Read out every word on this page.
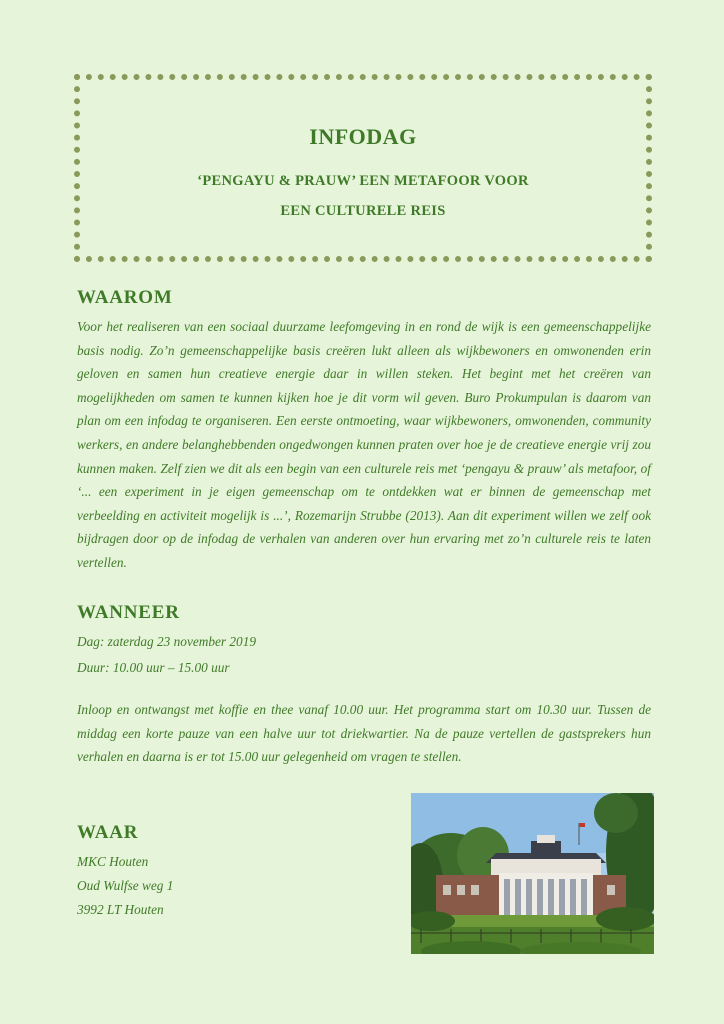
INFODAG
‘PENGAYU & PRAUW’ EEN METAFOOR VOOR
EEN CULTURELE REIS
WAAROM

Voor het realiseren van een sociaal duurzame leefomgeving in en rond de wijk is een gemeenschappelijke basis nodig. Zo’n gemeenschappelijke basis creëren lukt alleen als wijkbewoners en omwonenden erin geloven en samen hun creatieve energie daar in willen steken. Het begint met het creëren van mogelijkheden om samen te kunnen kijken hoe je dit vorm wil geven. Buro Prokumpulan is daarom van plan om een infodag te organiseren. Een eerste ontmoeting, waar wijkbewoners, omwonenden, community werkers, en andere belanghebbenden ongedwongen kunnen praten over hoe je de creatieve energie vrij zou kunnen maken. Zelf zien we dit als een begin van een culturele reis met ‘pengayu & prauw’ als metafoor, of ‘... een experiment in je eigen gemeenschap om te ontdekken wat er binnen de gemeenschap met verbeelding en activiteit mogelijk is ...’, Rozemarijn Strubbe (2013). Aan dit experiment willen we zelf ook bijdragen door op de infodag de verhalen van anderen over hun ervaring met zo’n culturele reis te laten vertellen.

WANNEER

Dag: zaterdag 23 november 2019

Duur: 10.00 uur – 15.00 uur

Inloop en ontwangst met koffie en thee vanaf 10.00 uur. Het programma start om 10.30 uur. Tussen de middag een korte pauze van een halve uur tot driekwartier. Na de pauze vertellen de gastsprekers hun verhalen en daarna is er tot 15.00 uur gelegenheid om vragen te stellen.

WAAR

MKC Houten

Oud Wulfse weg 1

3992 LT Houten
